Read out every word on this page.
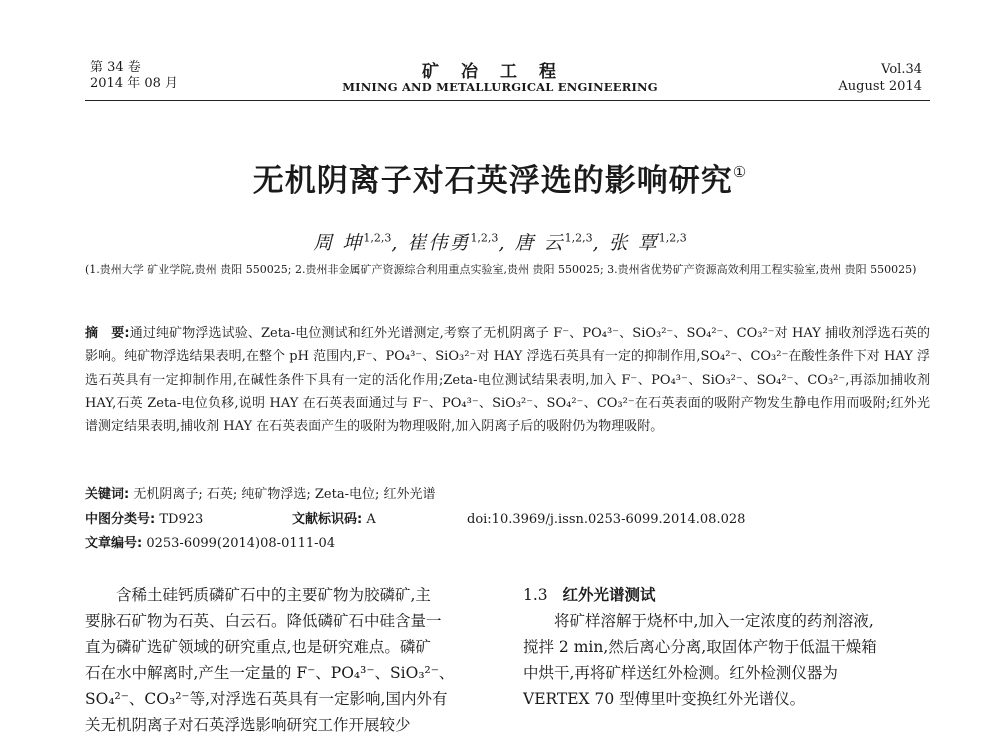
第 34 卷
2014 年 08 月
矿冶工程
MINING AND METALLURGICAL ENGINEERING
Vol.34
August 2014
无机阴离子对石英浮选的影响研究①
周 坤$^{1,2,3}$, 崔伟勇$^{1,2,3}$, 唐 云$^{1,2,3}$, 张 覃$^{1,2,3}$
(1.贵州大学 矿业学院,贵州 贵阳 550025; 2.贵州非金属矿产资源综合利用重点实验室,贵州 贵阳 550025; 3.贵州省优势矿产资源高效利用工程实验室,贵州 贵阳 550025)
摘　要:通过纯矿物浮选试验、Zeta-电位测试和红外光谱测定,考察了无机阴离子 F⁻、PO₄³⁻、SiO₃²⁻、SO₄²⁻、CO₃²⁻对 HAY 捕收剂浮选石英的影响。纯矿物浮选结果表明,在整个 pH 范围内,F⁻、PO₄³⁻、SiO₃²⁻对 HAY 浮选石英具有一定的抑制作用,SO₄²⁻、CO₃²⁻在酸性条件下对 HAY 浮选石英具有一定抑制作用,在碱性条件下具有一定的活化作用;Zeta-电位测试结果表明,加入 F⁻、PO₄³⁻、SiO₃²⁻、SO₄²⁻、CO₃²⁻,再添加捕收剂 HAY,石英 Zeta-电位负移,说明 HAY 在石英表面通过与 F⁻、PO₄³⁻、SiO₃²⁻、SO₄²⁻、CO₃²⁻在石英表面的吸附产物发生静电作用而吸附;红外光谱测定结果表明,捕收剂 HAY 在石英表面产生的吸附为物理吸附,加入阴离子后的吸附仍为物理吸附。
关键词: 无机阴离子; 石英; 纯矿物浮选; Zeta-电位; 红外光谱
中图分类号: TD923	文献标识码: A	doi:10.3969/j.issn.0253-6099.2014.08.028
文章编号: 0253-6099(2014)08-0111-04
含稀土硅钙质磷矿石中的主要矿物为胶磷矿,主
要脉石矿物为石英、白云石。降低磷矿石中硅含量一
直为磷矿选矿领域的研究重点,也是研究难点。磷矿
石在水中解离时,产生一定量的 F⁻、PO₄³⁻、SiO₃²⁻、
SO₄²⁻、CO₃²⁻等,对浮选石英具有一定影响,国内外有
关无机阴离子对石英浮选影响研究工作开展较少
1.3 红外光谱测试
将矿样溶解于烧杯中,加入一定浓度的药剂溶液,
搅拌 2 min,然后离心分离,取固体产物于低温干燥箱
中烘干,再将矿样送红外检测。红外检测仪器为
VERTEX 70 型傅里叶变换红外光谱仪。
